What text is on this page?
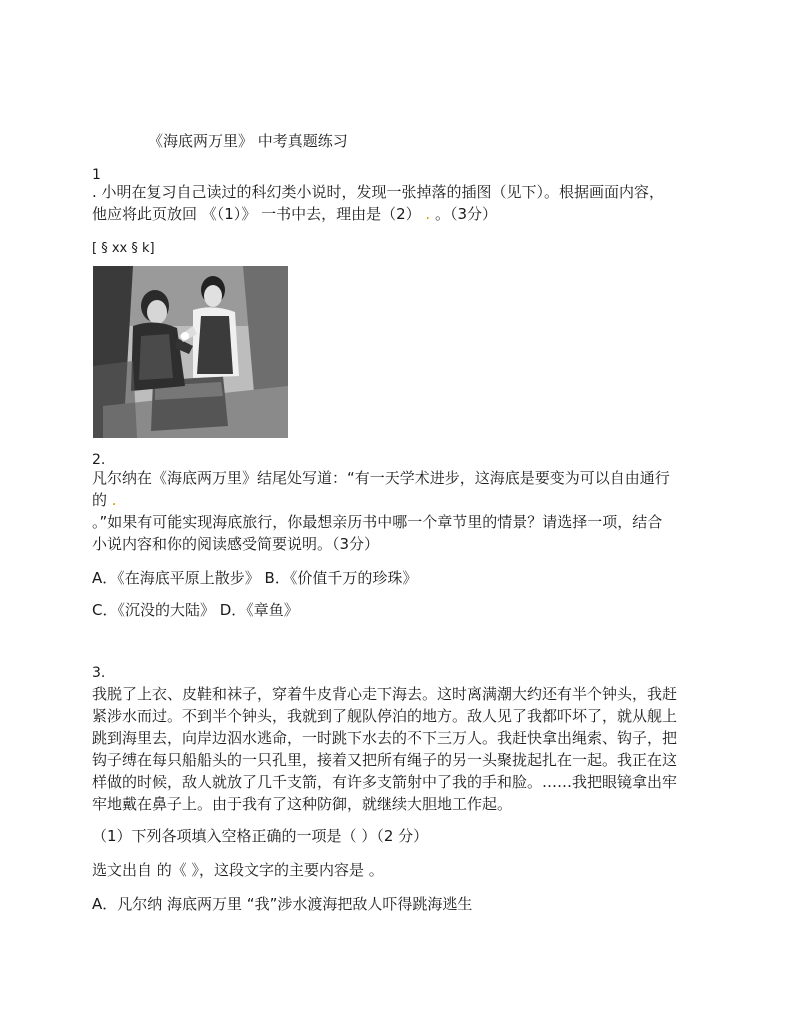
《海底两万里》 中考真题练习
1
. 小明在复习自己读过的科幻类小说时，发现一张掉落的插图（见下）。根据画面内容，
他应将此页放回 《（1）》 一书中去，理由是（2） . 。（3分）
[ § xx § k]
2.
凡尔纳在《海底两万里》结尾处写道：“有一天学术进步，这海底是要变为可以自由通行
的 .
。”如果有可能实现海底旅行，你最想亲历书中哪一个章节里的情景？请选择一项，结合
小说内容和你的阅读感受简要说明。（3分）
A．《在海底平原上散步》 B．《价值千万的珍珠》
C．《沉没的大陆》 D．《章鱼》
3.
我脱了上衣、皮鞋和袜子，穿着牛皮背心走下海去。这时离满潮大约还有半个钟头，我赶
紧涉水而过。不到半个钟头，我就到了舰队停泊的地方。敌人见了我都吓坏了，就从舰上
跳到海里去，向岸边泅水逃命，一时跳下水去的不下三万人。我赶快拿出绳索、钩子，把
钩子缚在每只船船头的一只孔里，接着又把所有绳子的另一头聚拢起扎在一起。我正在这
样做的时候，敌人就放了几千支箭，有许多支箭射中了我的手和脸。……我把眼镜拿出牢
牢地戴在鼻子上。由于我有了这种防御，就继续大胆地工作起。
（1）下列各项填入空格正确的一项是（ ）（2 分）
选文出自 的《 》，这段文字的主要内容是 。
A．凡尔纳 海底两万里 “我”涉水渡海把敌人吓得跳海逃生
